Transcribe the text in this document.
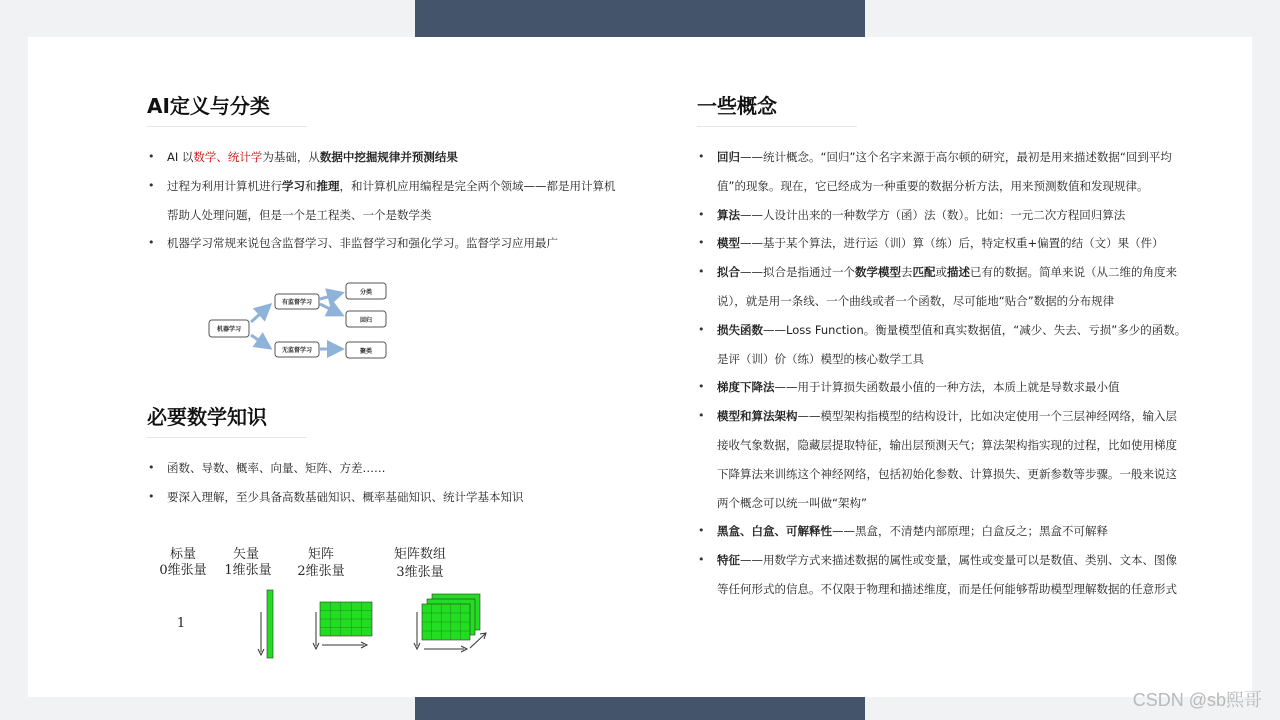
AI定义与分类
• AI 以数学、统计学为基础，从数据中挖掘规律并预测结果
• 过程为利用计算机进行学习和推理，和计算机应用编程是完全两个领域——都是用计算机帮助人处理问题，但是一个是工程类、一个是数学类
• 机器学习常规来说包含监督学习、非监督学习和强化学习。监督学习应用最广
机器学习
有监督学习
无监督学习
分类
回归
聚类
必要数学知识
• 函数、导数、概率、向量、矩阵、方差……
• 要深入理解，至少具备高数基础知识、概率基础知识、统计学基本知识
标量
0维张量
矢量
1维张量
矩阵
2维张量
矩阵数组
3维张量
1
一些概念
• 回归——统计概念。“回归”这个名字来源于高尔顿的研究，最初是用来描述数据“回到平均值”的现象。现在，它已经成为一种重要的数据分析方法，用来预测数值和发现规律。
• 算法——人设计出来的一种数学方（函）法（数）。比如：一元二次方程回归算法
• 模型——基于某个算法，进行运（训）算（练）后，特定权重+偏置的结（文）果（件）
• 拟合——拟合是指通过一个数学模型去匹配或描述已有的数据。简单来说（从二维的角度来说），就是用一条线、一个曲线或者一个函数，尽可能地“贴合”数据的分布规律
• 损失函数——Loss Function。衡量模型值和真实数据值，“减少、失去、亏损”多少的函数。是评（训）价（练）模型的核心数学工具
• 梯度下降法——用于计算损失函数最小值的一种方法，本质上就是导数求最小值
• 模型和算法架构——模型架构指模型的结构设计，比如决定使用一个三层神经网络，输入层接收气象数据，隐藏层提取特征，输出层预测天气；算法架构指实现的过程，比如使用梯度下降算法来训练这个神经网络，包括初始化参数、计算损失、更新参数等步骤。一般来说这两个概念可以统一叫做“架构”
• 黑盒、白盒、可解释性——黑盒，不清楚内部原理；白盒反之；黑盒不可解释
• 特征——用数学方式来描述数据的属性或变量，属性或变量可以是数值、类别、文本、图像等任何形式的信息。不仅限于物理和描述维度，而是任何能够帮助模型理解数据的任意形式
CSDN @sb熙哥
